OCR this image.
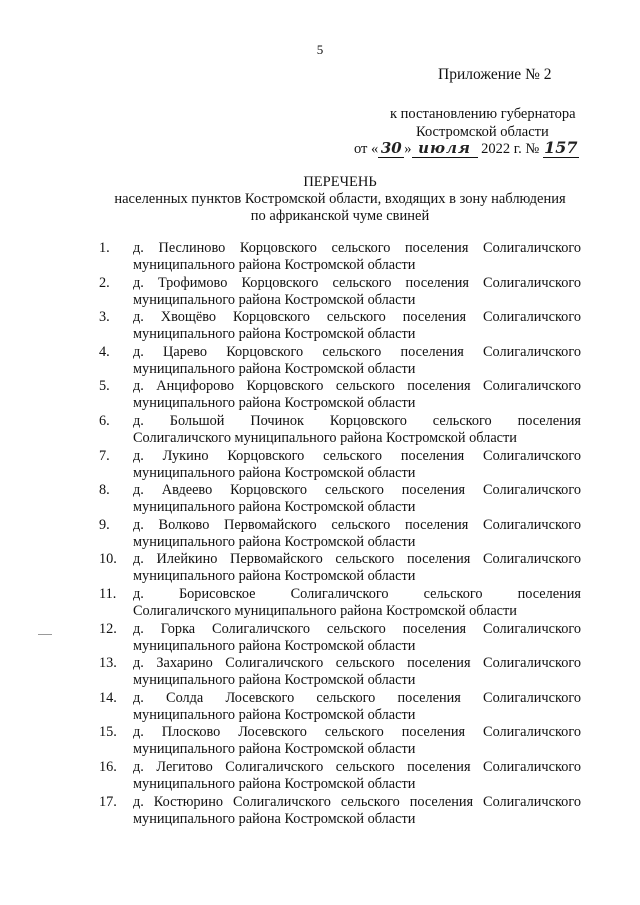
5
Приложение № 2
к постановлению губернатора
Костромской области
от « 30 » июля 2022 г. № 157
ПЕРЕЧЕНЬ
населенных пунктов Костромской области, входящих в зону наблюдения
по африканской чуме свиней
1. д. Песлиново Корцовского сельского поселения Солигаличского
муниципального района Костромской области
2. д. Трофимово Корцовского сельского поселения Солигаличского
муниципального района Костромской области
3. д. Хвощёво Корцовского сельского поселения Солигаличского
муниципального района Костромской области
4. д. Царево Корцовского сельского поселения Солигаличского
муниципального района Костромской области
5. д. Анцифорово Корцовского сельского поселения Солигаличского
муниципального района Костромской области
6. д. Большой Починок Корцовского сельского поселения
Солигаличского муниципального района Костромской области
7. д. Лукино Корцовского сельского поселения Солигаличского
муниципального района Костромской области
8. д. Авдеево Корцовского сельского поселения Солигаличского
муниципального района Костромской области
9. д. Волково Первомайского сельского поселения Солигаличского
муниципального района Костромской области
10. д. Илейкино Первомайского сельского поселения Солигаличского
муниципального района Костромской области
11. д. Борисовское Солигаличского сельского поселения
Солигаличского муниципального района Костромской области
12. д. Горка Солигаличского сельского поселения Солигаличского
муниципального района Костромской области
13. д. Захарино Солигаличского сельского поселения Солигаличского
муниципального района Костромской области
14. д. Солда Лосевского сельского поселения Солигаличского
муниципального района Костромской области
15. д. Плосково Лосевского сельского поселения Солигаличского
муниципального района Костромской области
16. д. Легитово Солигаличского сельского поселения Солигаличского
муниципального района Костромской области
17. д. Костюрино Солигаличского сельского поселения Солигаличского
муниципального района Костромской области
